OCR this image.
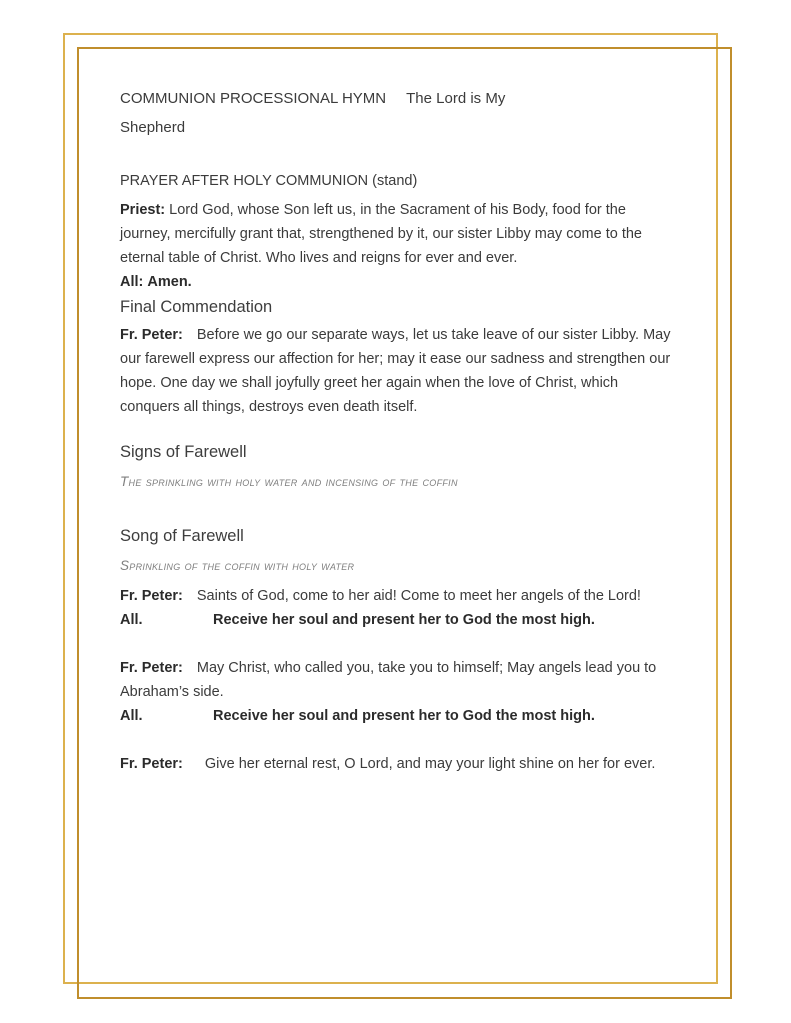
COMMUNION PROCESSIONAL HYMN The Lord is My Shepherd

PRAYER AFTER HOLY COMMUNION (stand)

Priest: Lord God, whose Son left us, in the Sacrament of his Body, food for the journey, mercifully grant that, strengthened by it, our sister Libby may come to the eternal table of Christ. Who lives and reigns for ever and ever.

All: Amen.

Final Commendation

Fr. Peter: Before we go our separate ways, let us take leave of our sister Libby. May our farewell express our affection for her; may it ease our sadness and strengthen our hope. One day we shall joyfully greet her again when the love of Christ, which conquers all things, destroys even death itself.

Signs of Farewell

The sprinkling with holy water and incensing of the coffin

Song of Farewell

Sprinkling of the coffin with holy water

Fr. Peter: Saints of God, come to her aid! Come to meet her angels of the Lord!

All.	Receive her soul and present her to God the most high.

Fr. Peter: May Christ, who called you, take you to himself; May angels lead you to Abraham’s side.

All.	Receive her soul and present her to God the most high.

Fr. Peter: Give her eternal rest, O Lord, and may your light shine on her for ever.
